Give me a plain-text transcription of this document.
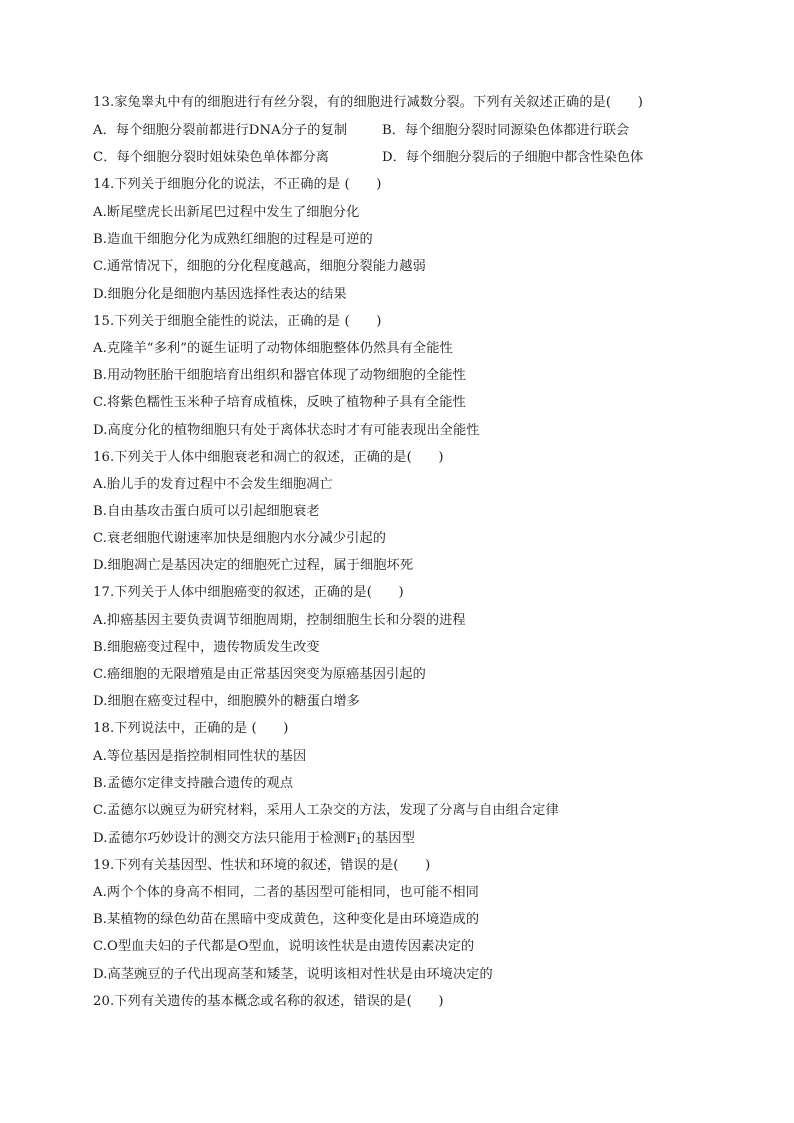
13.家兔睾丸中有的细胞进行有丝分裂，有的细胞进行减数分裂。下列有关叙述正确的是(　　)
A．每个细胞分裂前都进行DNA分子的复制	B．每个细胞分裂时同源染色体都进行联会
C．每个细胞分裂时姐妹染色单体都分离	D．每个细胞分裂后的子细胞中都含性染色体
14.下列关于细胞分化的说法，不正确的是 (　　)
A.断尾壁虎长出新尾巴过程中发生了细胞分化
B.造血干细胞分化为成熟红细胞的过程是可逆的
C.通常情况下，细胞的分化程度越高，细胞分裂能力越弱
D.细胞分化是细胞内基因选择性表达的结果
15.下列关于细胞全能性的说法，正确的是 (　　)
A.克隆羊“多利”的诞生证明了动物体细胞整体仍然具有全能性
B.用动物胚胎干细胞培育出组织和器官体现了动物细胞的全能性
C.将紫色糯性玉米种子培育成植株，反映了植物种子具有全能性
D.高度分化的植物细胞只有处于离体状态时才有可能表现出全能性
16.下列关于人体中细胞衰老和凋亡的叙述，正确的是(　　)
A.胎儿手的发育过程中不会发生细胞凋亡
B.自由基攻击蛋白质可以引起细胞衰老
C.衰老细胞代谢速率加快是细胞内水分减少引起的
D.细胞凋亡是基因决定的细胞死亡过程，属于细胞坏死
17.下列关于人体中细胞癌变的叙述，正确的是(　　)
A.抑癌基因主要负责调节细胞周期，控制细胞生长和分裂的进程
B.细胞癌变过程中，遗传物质发生改变
C.癌细胞的无限增殖是由正常基因突变为原癌基因引起的
D.细胞在癌变过程中，细胞膜外的糖蛋白增多
18.下列说法中，正确的是 (　　)
A.等位基因是指控制相同性状的基因
B.孟德尔定律支持融合遗传的观点
C.孟德尔以豌豆为研究材料，采用人工杂交的方法，发现了分离与自由组合定律
D.孟德尔巧妙设计的测交方法只能用于检测$F_1$的基因型
19.下列有关基因型、性状和环境的叙述，错误的是(　　)
A.两个个体的身高不相同，二者的基因型可能相同，也可能不相同
B.某植物的绿色幼苗在黑暗中变成黄色，这种变化是由环境造成的
C.O型血夫妇的子代都是O型血，说明该性状是由遗传因素决定的
D.高茎豌豆的子代出现高茎和矮茎，说明该相对性状是由环境决定的
20.下列有关遗传的基本概念或名称的叙述，错误的是(　　)
